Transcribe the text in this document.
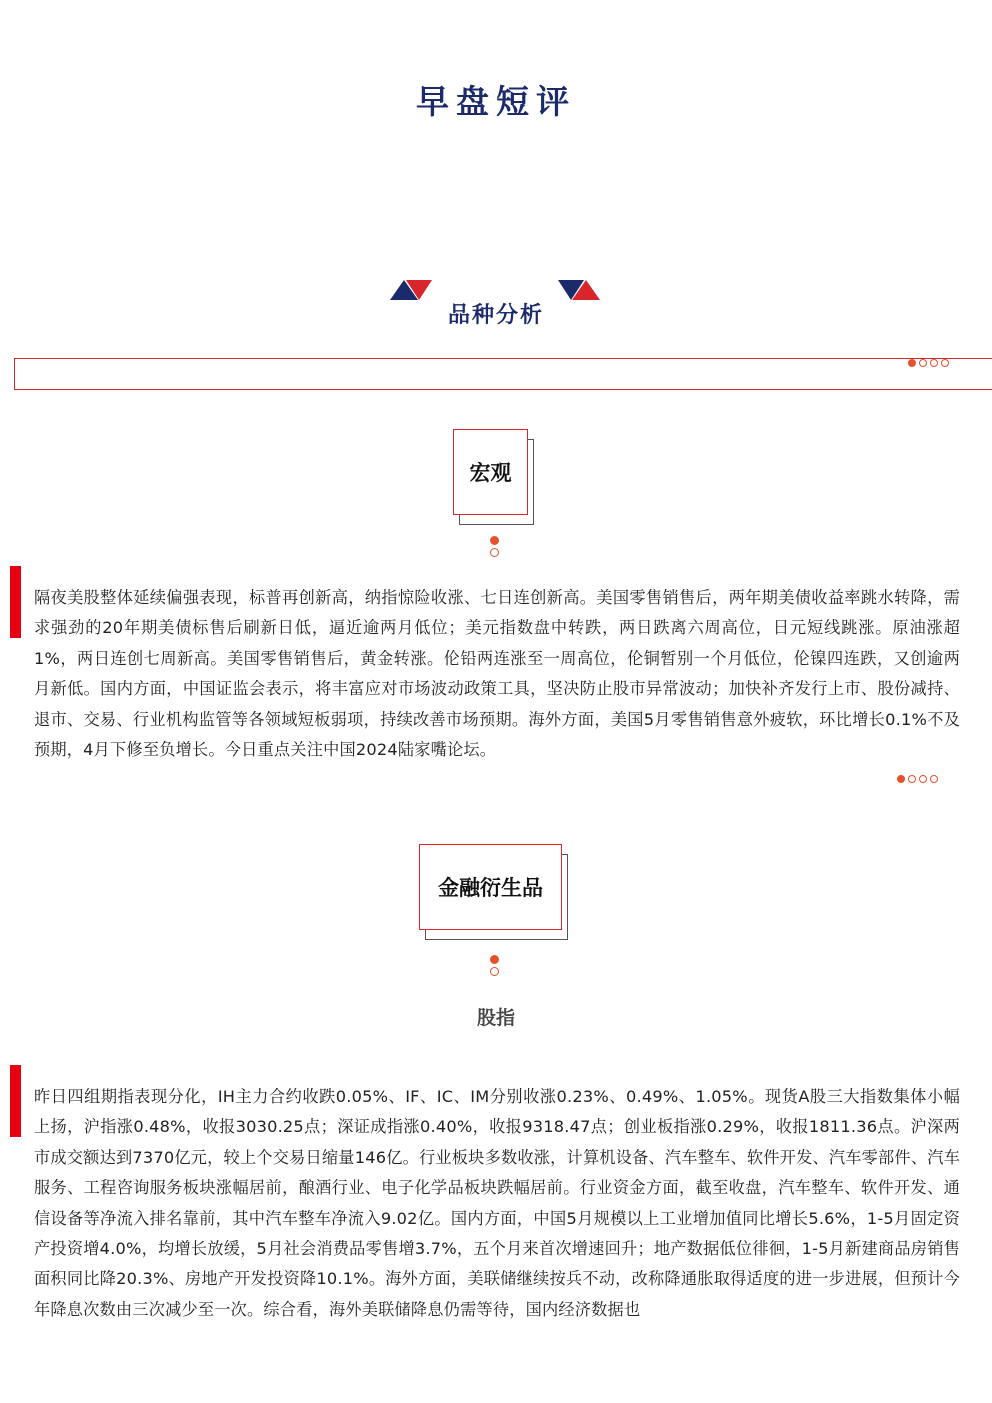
早盘短评
品种分析
宏观
隔夜美股整体延续偏强表现，标普再创新高，纳指惊险收涨、七日连创新高。美国零售销售后，两年期美债收益率跳水转降，需求强劲的20年期美债标售后刷新日低，逼近逾两月低位；美元指数盘中转跌，两日跌离六周高位，日元短线跳涨。原油涨超1%，两日连创七周新高。美国零售销售后，黄金转涨。伦铅两连涨至一周高位，伦铜暂别一个月低位，伦镍四连跌，又创逾两月新低。国内方面，中国证监会表示，将丰富应对市场波动政策工具，坚决防止股市异常波动；加快补齐发行上市、股份减持、退市、交易、行业机构监管等各领域短板弱项，持续改善市场预期。海外方面，美国5月零售销售意外疲软，环比增长0.1%不及预期，4月下修至负增长。今日重点关注中国2024陆家嘴论坛。
金融衍生品
股指
昨日四组期指表现分化，IH主力合约收跌0.05%、IF、IC、IM分别收涨0.23%、0.49%、1.05%。现货A股三大指数集体小幅上扬，沪指涨0.48%，收报3030.25点；深证成指涨0.40%，收报9318.47点；创业板指涨0.29%，收报1811.36点。沪深两市成交额达到7370亿元，较上个交易日缩量146亿。行业板块多数收涨，计算机设备、汽车整车、软件开发、汽车零部件、汽车服务、工程咨询服务板块涨幅居前，酿酒行业、电子化学品板块跌幅居前。行业资金方面，截至收盘，汽车整车、软件开发、通信设备等净流入排名靠前，其中汽车整车净流入9.02亿。国内方面，中国5月规模以上工业增加值同比增长5.6%，1-5月固定资产投资增4.0%，均增长放缓，5月社会消费品零售增3.7%，五个月来首次增速回升；地产数据低位徘徊，1-5月新建商品房销售面积同比降20.3%、房地产开发投资降10.1%。海外方面，美联储继续按兵不动，改称降通胀取得适度的进一步进展，但预计今年降息次数由三次减少至一次。综合看，海外美联储降息仍需等待，国内经济数据也
